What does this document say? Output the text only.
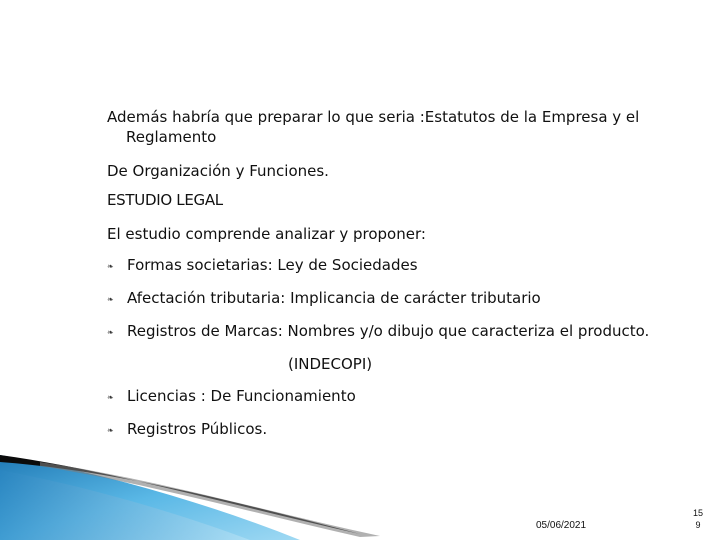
Además habría que preparar lo que seria :Estatutos de la Empresa y el
Reglamento
De Organización y Funciones.
ESTUDIO LEGAL
El estudio comprende analizar y proponer:
❧ Formas societarias: Ley de Sociedades
❧ Afectación tributaria: Implicancia de carácter tributario
❧ Registros de Marcas: Nombres y/o dibujo que caracteriza el producto.
(INDECOPI)
❧ Licencias : De Funcionamiento
❧ Registros Públicos.
05/06/2021
15
9
